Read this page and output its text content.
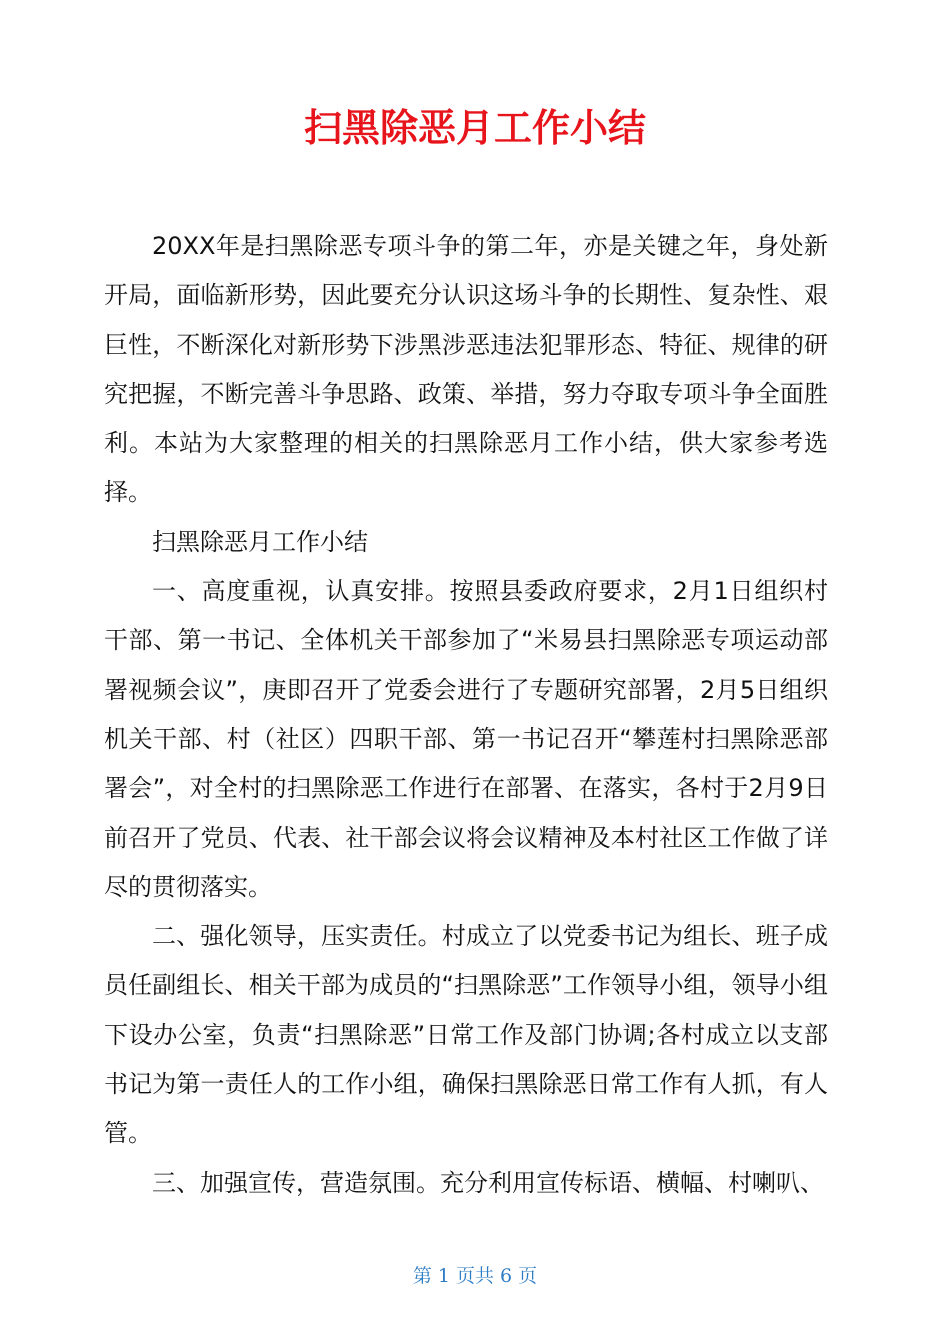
扫黑除恶月工作小结

20XX年是扫黑除恶专项斗争的第二年，亦是关键之年，身处新开局，面临新形势，因此要充分认识这场斗争的长期性、复杂性、艰巨性，不断深化对新形势下涉黑涉恶违法犯罪形态、特征、规律的研究把握，不断完善斗争思路、政策、举措，努力夺取专项斗争全面胜利。本站为大家整理的相关的扫黑除恶月工作小结，供大家参考选择。

扫黑除恶月工作小结

一、高度重视，认真安排。按照县委政府要求，2月1日组织村干部、第一书记、全体机关干部参加了“米易县扫黑除恶专项运动部署视频会议”，庚即召开了党委会进行了专题研究部署，2月5日组织机关干部、村（社区）四职干部、第一书记召开“攀莲村扫黑除恶部署会”，对全村的扫黑除恶工作进行在部署、在落实，各村于2月9日前召开了党员、代表、社干部会议将会议精神及本村社区工作做了详尽的贯彻落实。

二、强化领导，压实责任。村成立了以党委书记为组长、班子成员任副组长、相关干部为成员的“扫黑除恶”工作领导小组，领导小组下设办公室，负责“扫黑除恶”日常工作及部门协调;各村成立以支部书记为第一责任人的工作小组，确保扫黑除恶日常工作有人抓，有人管。

三、加强宣传，营造氛围。充分利用宣传标语、横幅、村喇叭、

第 1 页共 6 页
